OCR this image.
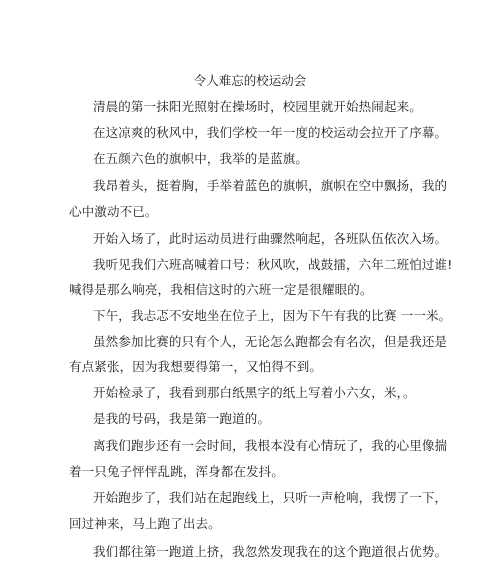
令人难忘的校运动会
清晨的第一抹阳光照射在操场时，校园里就开始热闹起来。
在这凉爽的秋风中，我们学校一年一度的校运动会拉开了序幕。
在五颜六色的旗帜中，我举的是蓝旗。
我昂着头，挺着胸，手举着蓝色的旗帜，旗帜在空中飘扬，我的
心中激动不已。
开始入场了，此时运动员进行曲骤然响起，各班队伍依次入场。
我听见我们六班高喊着口号：秋风吹，战鼓擂，六年二班怕过谁!
喊得是那么响亮，我相信这时的六班一定是很耀眼的。
下午，我忐忑不安地坐在位子上，因为下午有我的比赛 一一米。
虽然参加比赛的只有个人，无论怎么跑都会有名次，但是我还是
有点紧张，因为我想要得第一，又怕得不到。
开始检录了，我看到那白纸黑字的纸上写着小六女，米，。
是我的号码，我是第一跑道的。
离我们跑步还有一会时间，我根本没有心情玩了，我的心里像揣
着一只兔子怦怦乱跳，浑身都在发抖。
开始跑步了，我们站在起跑线上，只听一声枪响，我愣了一下，
回过神来，马上跑了出去。
我们都往第一跑道上挤，我忽然发现我在的这个跑道很占优势。
